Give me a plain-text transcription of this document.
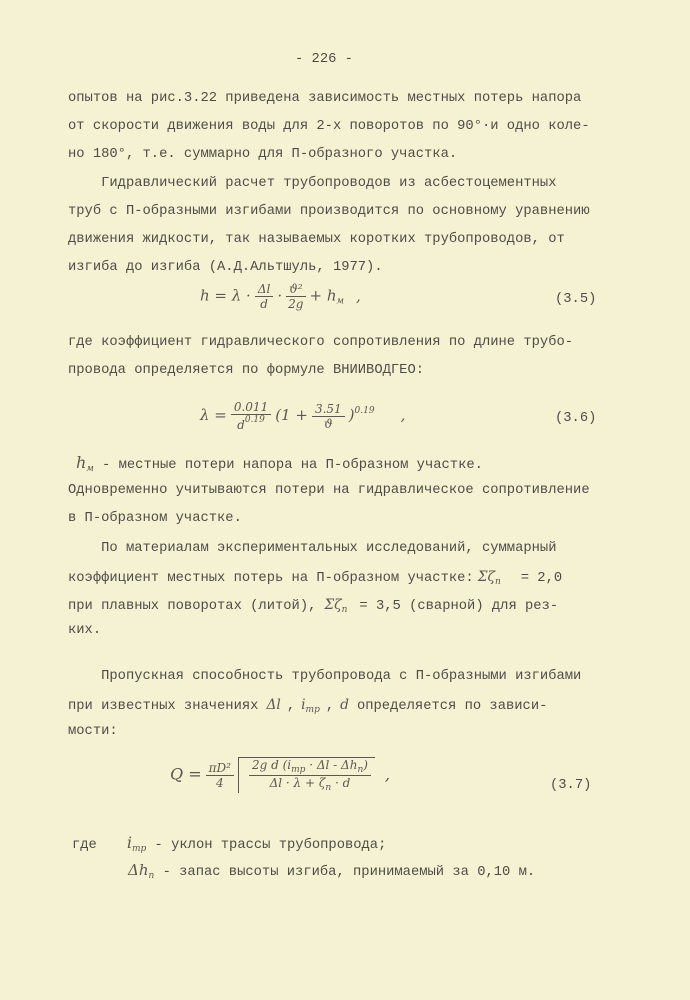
- 226 -
опытов на рис.3.22 приведена зависимость местных потерь напора
от скорости движения воды для 2-х поворотов по 90°·и одно коле-
но 180°, т.е. суммарно для П-образного участка.
Гидравлический расчет трубопроводов из асбестоцементных
труб с П-образными изгибами производится по основному уравнению
движения жидкости, так называемых коротких трубопроводов, от
изгиба до изгиба (А.Д.Альтшуль, 1977).
$h = \lambda \cdot \frac{\Delta l}{d} \cdot \frac{\text{ϑ²}}{2g} + h_м$ ,	(3.5)
где коэффициент гидравлического сопротивления по длине трубо-
провода определяется по формуле ВНИИВОДГЕО:
$\lambda = \frac{0.011}{d^{0.19}} (1 + \frac{3.51}{ϑ} )^{0.19}$ ,	(3.6)
$h_м$ - местные потери напора на П-образном участке.
Одновременно учитываются потери на гидравлическое сопротивление
в П-образном участке.
По материалам экспериментальных исследований, суммарный
коэффициент местных потерь на П-образном участке: $\Sigma\zeta_п = 2,0$
при плавных поворотах (литой), $\Sigma\zeta_п = 3,5$ (сварной) для рез-
ких.
Пропускная способность трубопровода с П-образными изгибами
при известных значениях Δl , $i_{тр}$ , d определяется по зависи-
мости:
$Q = \frac{\text{πD²}}{4} \frac{2g d (i_{тр} \cdot \Delta l - \Delta h_п)}{\Delta l \cdot \lambda + \zeta_п \cdot d}$ ,
(3.7)
где $i_{тр}$ - уклон трассы трубопровода;
$\Delta h_п$ - запас высоты изгиба, принимаемый за 0,10 м.
